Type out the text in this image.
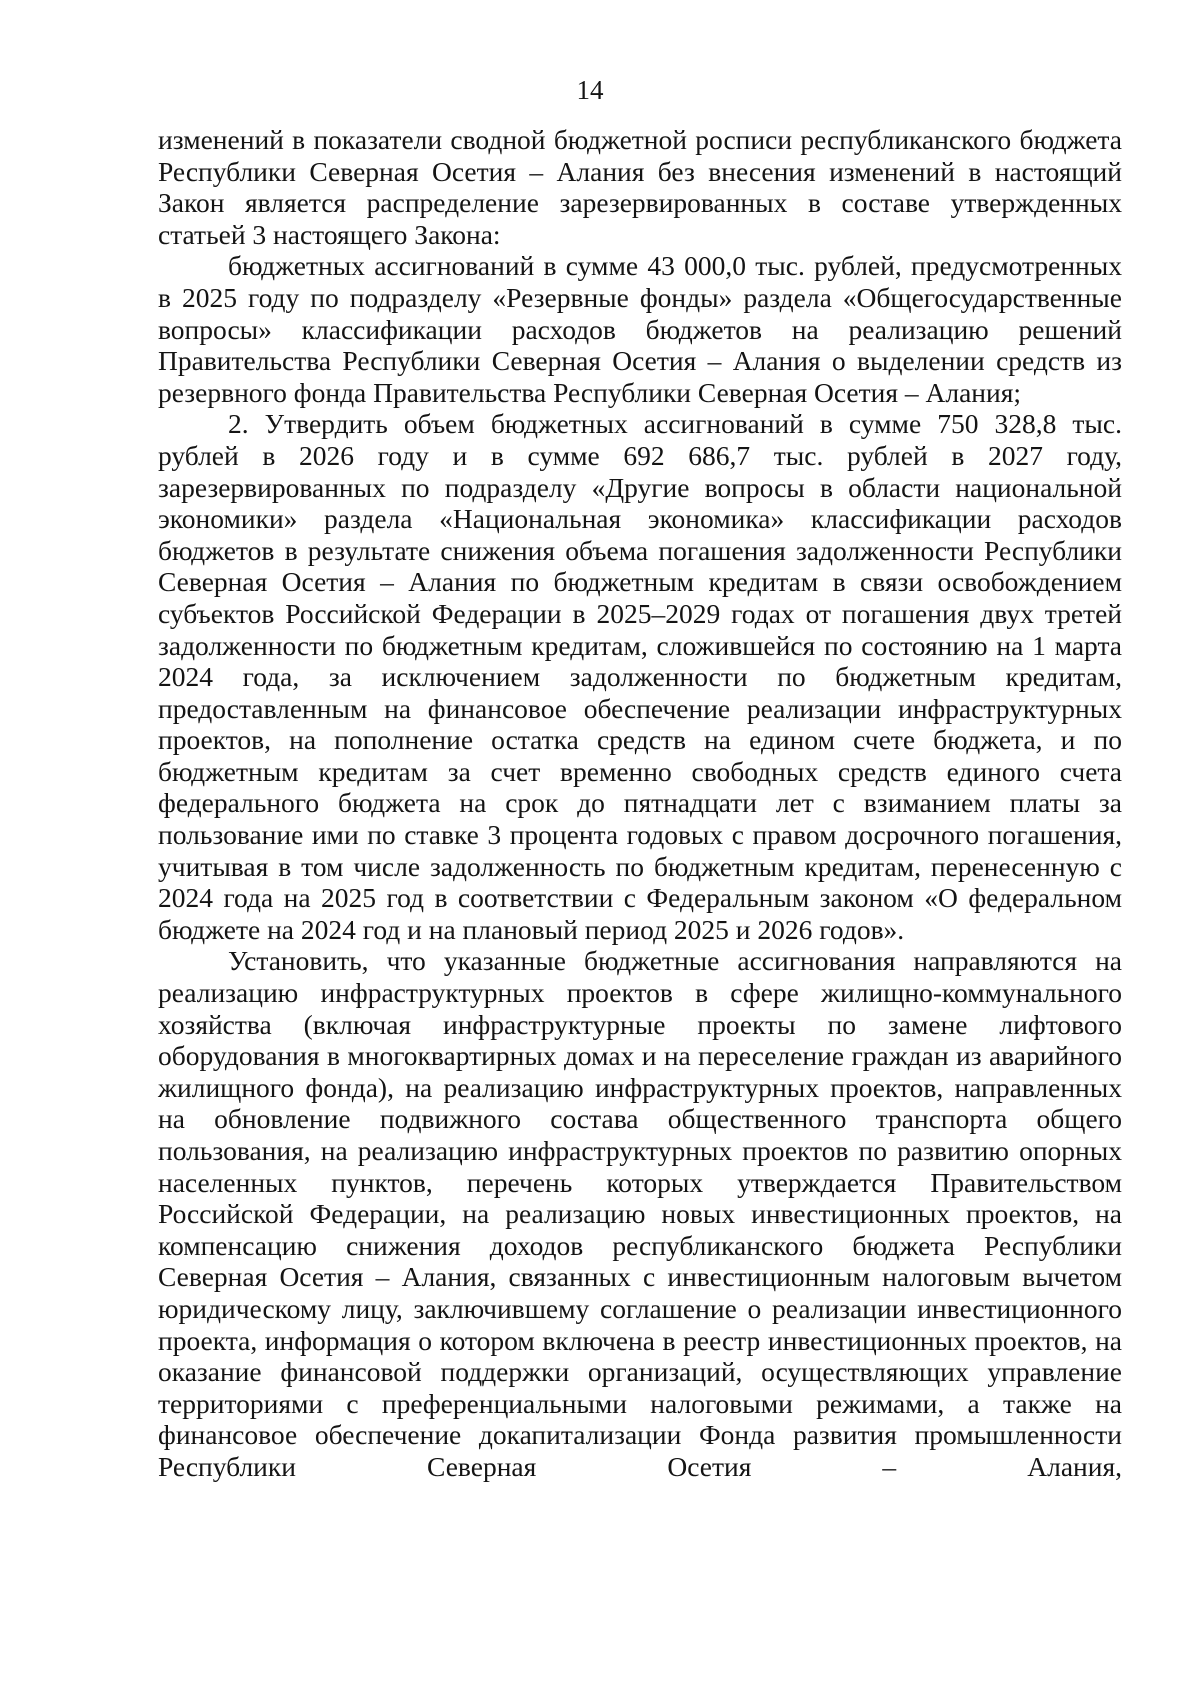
14

изменений в показатели сводной бюджетной росписи республиканского бюджета Республики Северная Осетия – Алания без внесения изменений в настоящий Закон является распределение зарезервированных в составе утвержденных статьей 3 настоящего Закона:

бюджетных ассигнований в сумме 43 000,0 тыс. рублей, предусмотренных в 2025 году по подразделу «Резервные фонды» раздела «Общегосударственные вопросы» классификации расходов бюджетов на реализацию решений Правительства Республики Северная Осетия – Алания о выделении средств из резервного фонда Правительства Республики Северная Осетия – Алания;

2. Утвердить объем бюджетных ассигнований в сумме 750 328,8 тыс. рублей в 2026 году и в сумме 692 686,7 тыс. рублей в 2027 году, зарезервированных по подразделу «Другие вопросы в области национальной экономики» раздела «Национальная экономика» классификации расходов бюджетов в результате снижения объема погашения задолженности Республики Северная Осетия – Алания по бюджетным кредитам в связи освобождением субъектов Российской Федерации в 2025–2029 годах от погашения двух третей задолженности по бюджетным кредитам, сложившейся по состоянию на 1 марта 2024 года, за исключением задолженности по бюджетным кредитам, предоставленным на финансовое обеспечение реализации инфраструктурных проектов, на пополнение остатка средств на едином счете бюджета, и по бюджетным кредитам за счет временно свободных средств единого счета федерального бюджета на срок до пятнадцати лет с взиманием платы за пользование ими по ставке 3 процента годовых с правом досрочного погашения, учитывая в том числе задолженность по бюджетным кредитам, перенесенную с 2024 года на 2025 год в соответствии с Федеральным законом «О федеральном бюджете на 2024 год и на плановый период 2025 и 2026 годов».

Установить, что указанные бюджетные ассигнования направляются на реализацию инфраструктурных проектов в сфере жилищно-коммунального хозяйства (включая инфраструктурные проекты по замене лифтового оборудования в многоквартирных домах и на переселение граждан из аварийного жилищного фонда), на реализацию инфраструктурных проектов, направленных на обновление подвижного состава общественного транспорта общего пользования, на реализацию инфраструктурных проектов по развитию опорных населенных пунктов, перечень которых утверждается Правительством Российской Федерации, на реализацию новых инвестиционных проектов, на компенсацию снижения доходов республиканского бюджета Республики Северная Осетия – Алания, связанных с инвестиционным налоговым вычетом юридическому лицу, заключившему соглашение о реализации инвестиционного проекта, информация о котором включена в реестр инвестиционных проектов, на оказание финансовой поддержки организаций, осуществляющих управление территориями с преференциальными налоговыми режимами, а также на финансовое обеспечение докапитализации Фонда развития промышленности Республики Северная Осетия – Алания,
